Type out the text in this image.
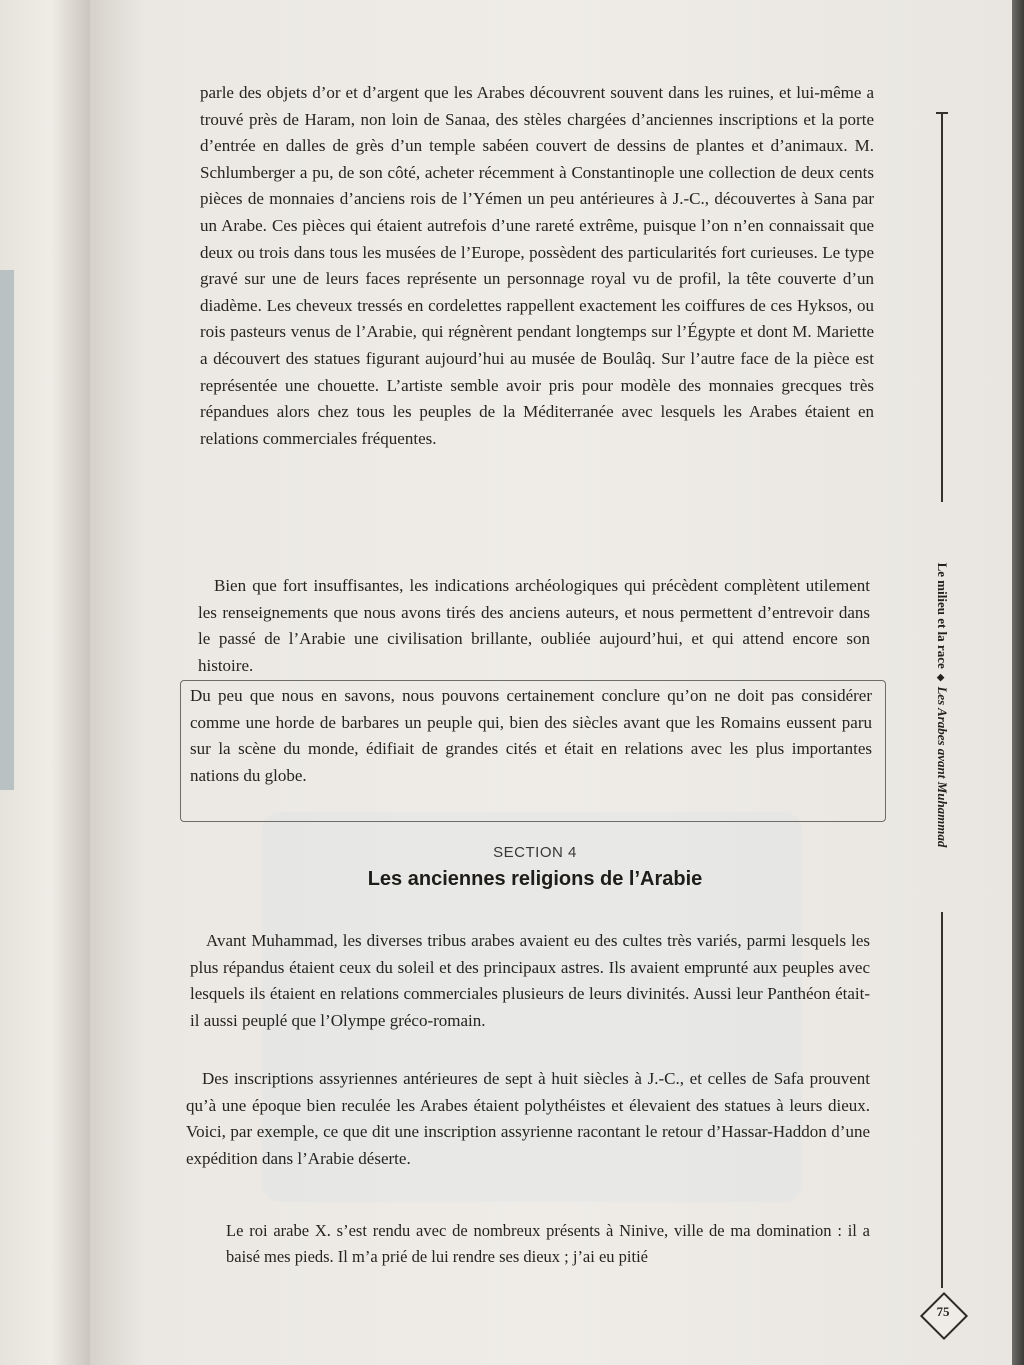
parle des objets d’or et d’argent que les Arabes découvrent souvent dans les ruines, et lui-même a trouvé près de Haram, non loin de Sanaa, des stèles chargées d’anciennes inscriptions et la porte d’entrée en dalles de grès d’un temple sabéen couvert de dessins de plantes et d’animaux. M. Schlumberger a pu, de son côté, acheter récemment à Constantinople une collection de deux cents pièces de monnaies d’anciens rois de l’Yémen un peu antérieures à J.-C., découvertes à Sana par un Arabe. Ces pièces qui étaient autrefois d’une rareté extrême, puisque l’on n’en connaissait que deux ou trois dans tous les musées de l’Europe, possèdent des particularités fort curieuses. Le type gravé sur une de leurs faces représente un personnage royal vu de profil, la tête couverte d’un diadème. Les cheveux tressés en cordelettes rappellent exactement les coiffures de ces Hyksos, ou rois pasteurs venus de l’Arabie, qui régnèrent pendant longtemps sur l’Égypte et dont M. Mariette a découvert des statues figurant aujourd’hui au musée de Boulâq. Sur l’autre face de la pièce est représentée une chouette. L’artiste semble avoir pris pour modèle des monnaies grecques très répandues alors chez tous les peuples de la Méditerranée avec lesquels les Arabes étaient en relations commerciales fréquentes.

Bien que fort insuffisantes, les indications archéologiques qui précèdent complètent utilement les renseignements que nous avons tirés des anciens auteurs, et nous permettent d’entrevoir dans le passé de l’Arabie une civilisation brillante, oubliée aujourd’hui, et qui attend encore son histoire.

Du peu que nous en savons, nous pouvons certainement conclure qu’on ne doit pas considérer comme une horde de barbares un peuple qui, bien des siècles avant que les Romains eussent paru sur la scène du monde, édifiait de grandes cités et était en relations avec les plus importantes nations du globe.

SECTION 4
Les anciennes religions de l’Arabie

Avant Muhammad, les diverses tribus arabes avaient eu des cultes très variés, parmi lesquels les plus répandus étaient ceux du soleil et des principaux astres. Ils avaient emprunté aux peuples avec lesquels ils étaient en relations commerciales plusieurs de leurs divinités. Aussi leur Panthéon était-il aussi peuplé que l’Olympe gréco-romain.

Des inscriptions assyriennes antérieures de sept à huit siècles à J.-C., et celles de Safa prouvent qu’à une époque bien reculée les Arabes étaient polythéistes et élevaient des statues à leurs dieux. Voici, par exemple, ce que dit une inscription assyrienne racontant le retour d’Hassar-Haddon d’une expédition dans l’Arabie déserte.

Le roi arabe X. s’est rendu avec de nombreux présents à Ninive, ville de ma domination : il a baisé mes pieds. Il m’a prié de lui rendre ses dieux ; j’ai eu pitié

Le milieu et la race◆Les Arabes avant Muhammad
75
